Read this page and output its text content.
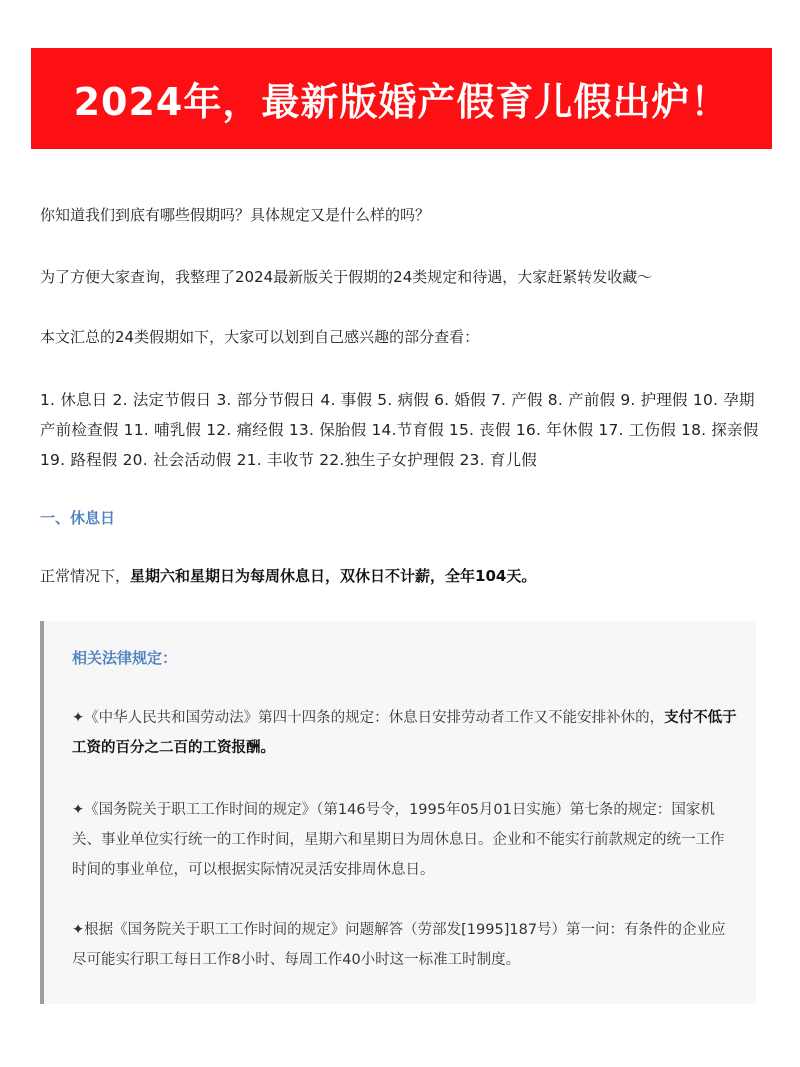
2024年，最新版婚产假育儿假出炉！

你知道我们到底有哪些假期吗？具体规定又是什么样的吗？

为了方便大家查询，我整理了2024最新版关于假期的24类规定和待遇，大家赶紧转发收藏～

本文汇总的24类假期如下，大家可以划到自己感兴趣的部分查看：

1. 休息日 2. 法定节假日 3. 部分节假日 4. 事假 5. 病假 6. 婚假 7. 产假 8. 产前假 9. 护理假 10. 孕期产前检查假 11. 哺乳假 12. 痛经假 13. 保胎假 14.节育假 15. 丧假 16. 年休假 17. 工伤假 18. 探亲假 19. 路程假 20. 社会活动假 21. 丰收节 22.独生子女护理假 23. 育儿假

一、休息日

正常情况下，星期六和星期日为每周休息日，双休日不计薪，全年104天。

相关法律规定：

✦《中华人民共和国劳动法》第四十四条的规定：休息日安排劳动者工作又不能安排补休的，支付不低于工资的百分之二百的工资报酬。

✦《国务院关于职工工作时间的规定》（第146号令，1995年05月01日实施）第七条的规定：国家机关、事业单位实行统一的工作时间，星期六和星期日为周休息日。企业和不能实行前款规定的统一工作时间的事业单位，可以根据实际情况灵活安排周休息日。

✦根据《国务院关于职工工作时间的规定》问题解答（劳部发[1995]187号）第一问：有条件的企业应尽可能实行职工每日工作8小时、每周工作40小时这一标准工时制度。
